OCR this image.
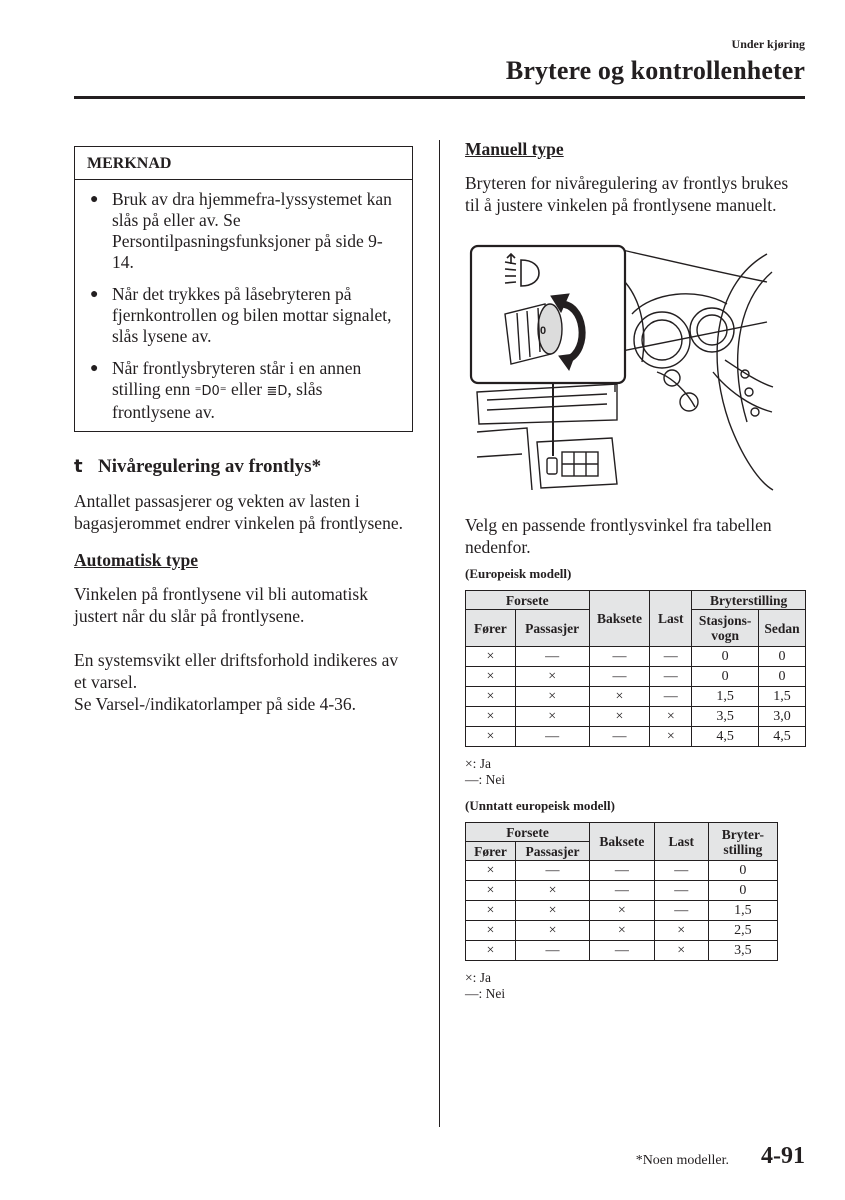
Under kjøring
Brytere og kontrollenheter
MERKNAD
● Bruk av dra hjemmefra-lyssystemet kan slås på eller av. Se Persontilpasningsfunksjoner på side 9-14.
● Når det trykkes på låsebryteren på fjernkontrollen og bilen mottar signalet, slås lysene av.
● Når frontlysbryteren står i en annen stilling enn ⁼D0⁼ eller ≣D, slås frontlysene av.
t Nivåregulering av frontlys*
Antallet passasjerer og vekten av lasten i bagasjerommet endrer vinkelen på frontlysene.
Automatisk type
Vinkelen på frontlysene vil bli automatisk justert når du slår på frontlysene.
En systemsvikt eller driftsforhold indikeres av et varsel.
Se Varsel-/indikatorlamper på side 4-36.
Manuell type
Bryteren for nivåregulering av frontlys brukes til å justere vinkelen på frontlysene manuelt.
0
Velg en passende frontlysvinkel fra tabellen nedenfor.
(Europeisk modell)
Forsete		Baksete	Last	Bryterstilling	
Fører	Passasjer			Stasjons-vogn	Sedan
×	—	—	—	0	0
×	×	—	—	0	0
×	×	×	—	1,5	1,5
×	×	×	×	3,5	3,0
×	—	—	×	4,5	4,5
×: Ja
—: Nei
(Unntatt europeisk modell)
Forsete		Baksete	Last	Bryter-stilling
Fører	Passasjer			
×	—	—	—	0
×	×	—	—	0
×	×	×	—	1,5
×	×	×	×	2,5
×	—	—	×	3,5
×: Ja
—: Nei
*Noen modeller. 4-91
